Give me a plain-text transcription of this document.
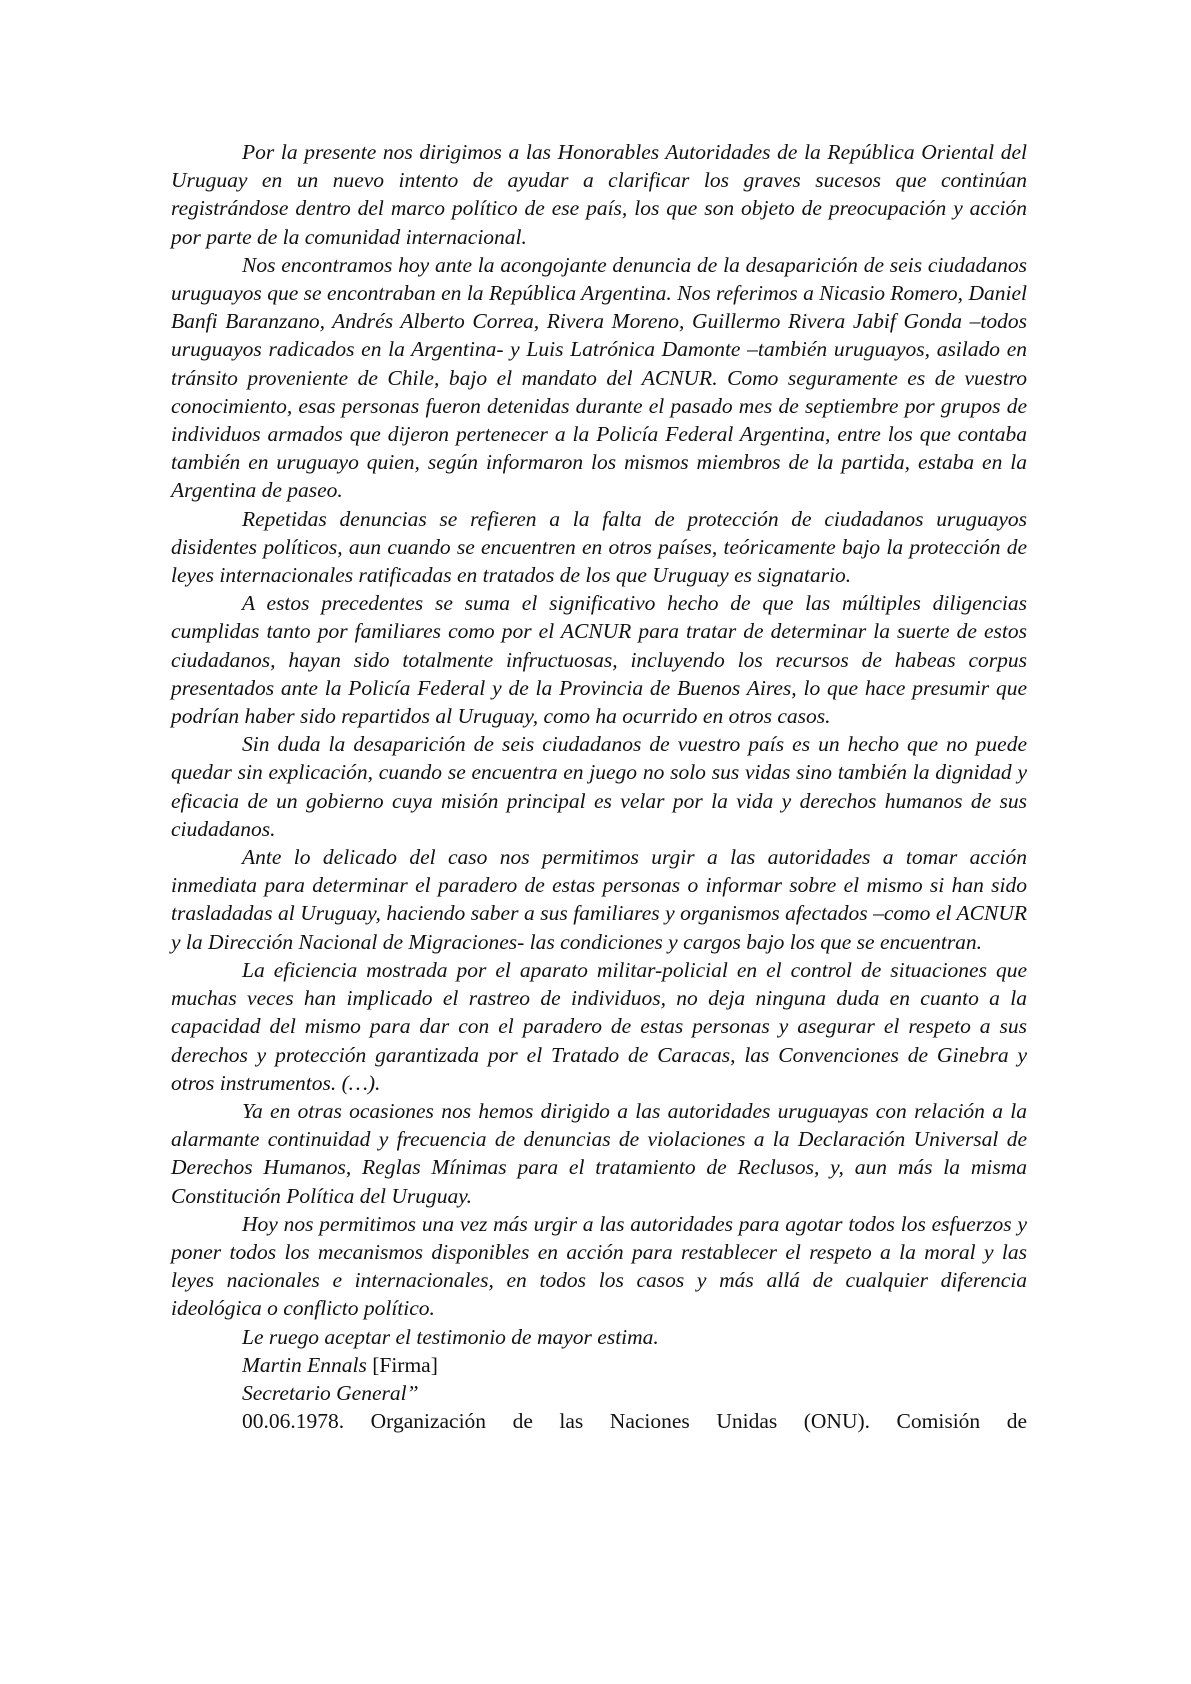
Por la presente nos dirigimos a las Honorables Autoridades de la República Oriental del Uruguay en un nuevo intento de ayudar a clarificar los graves sucesos que continúan registrándose dentro del marco político de ese país, los que son objeto de preocupación y acción por parte de la comunidad internacional.

Nos encontramos hoy ante la acongojante denuncia de la desaparición de seis ciudadanos uruguayos que se encontraban en la República Argentina. Nos referimos a Nicasio Romero, Daniel Banfi Baranzano, Andrés Alberto Correa, Rivera Moreno, Guillermo Rivera Jabif Gonda –todos uruguayos radicados en la Argentina- y Luis Latrónica Damonte –también uruguayos, asilado en tránsito proveniente de Chile, bajo el mandato del ACNUR. Como seguramente es de vuestro conocimiento, esas personas fueron detenidas durante el pasado mes de septiembre por grupos de individuos armados que dijeron pertenecer a la Policía Federal Argentina, entre los que contaba también en uruguayo quien, según informaron los mismos miembros de la partida, estaba en la Argentina de paseo.

Repetidas denuncias se refieren a la falta de protección de ciudadanos uruguayos disidentes políticos, aun cuando se encuentren en otros países, teóricamente bajo la protección de leyes internacionales ratificadas en tratados de los que Uruguay es signatario.

A estos precedentes se suma el significativo hecho de que las múltiples diligencias cumplidas tanto por familiares como por el ACNUR para tratar de determinar la suerte de estos ciudadanos, hayan sido totalmente infructuosas, incluyendo los recursos de habeas corpus presentados ante la Policía Federal y de la Provincia de Buenos Aires, lo que hace presumir que podrían haber sido repartidos al Uruguay, como ha ocurrido en otros casos.

Sin duda la desaparición de seis ciudadanos de vuestro país es un hecho que no puede quedar sin explicación, cuando se encuentra en juego no solo sus vidas sino también la dignidad y eficacia de un gobierno cuya misión principal es velar por la vida y derechos humanos de sus ciudadanos.

Ante lo delicado del caso nos permitimos urgir a las autoridades a tomar acción inmediata para determinar el paradero de estas personas o informar sobre el mismo si han sido trasladadas al Uruguay, haciendo saber a sus familiares y organismos afectados –como el ACNUR y la Dirección Nacional de Migraciones- las condiciones y cargos bajo los que se encuentran.

La eficiencia mostrada por el aparato militar-policial en el control de situaciones que muchas veces han implicado el rastreo de individuos, no deja ninguna duda en cuanto a la capacidad del mismo para dar con el paradero de estas personas y asegurar el respeto a sus derechos y protección garantizada por el Tratado de Caracas, las Convenciones de Ginebra y otros instrumentos. (…).

Ya en otras ocasiones nos hemos dirigido a las autoridades uruguayas con relación a la alarmante continuidad y frecuencia de denuncias de violaciones a la Declaración Universal de Derechos Humanos, Reglas Mínimas para el tratamiento de Reclusos, y, aun más la misma Constitución Política del Uruguay.

Hoy nos permitimos una vez más urgir a las autoridades para agotar todos los esfuerzos y poner todos los mecanismos disponibles en acción para restablecer el respeto a la moral y las leyes nacionales e internacionales, en todos los casos y más allá de cualquier diferencia ideológica o conflicto político.

Le ruego aceptar el testimonio de mayor estima.

Martin Ennals [Firma]

Secretario General”

00.06.1978. Organización de las Naciones Unidas (ONU). Comisión de
